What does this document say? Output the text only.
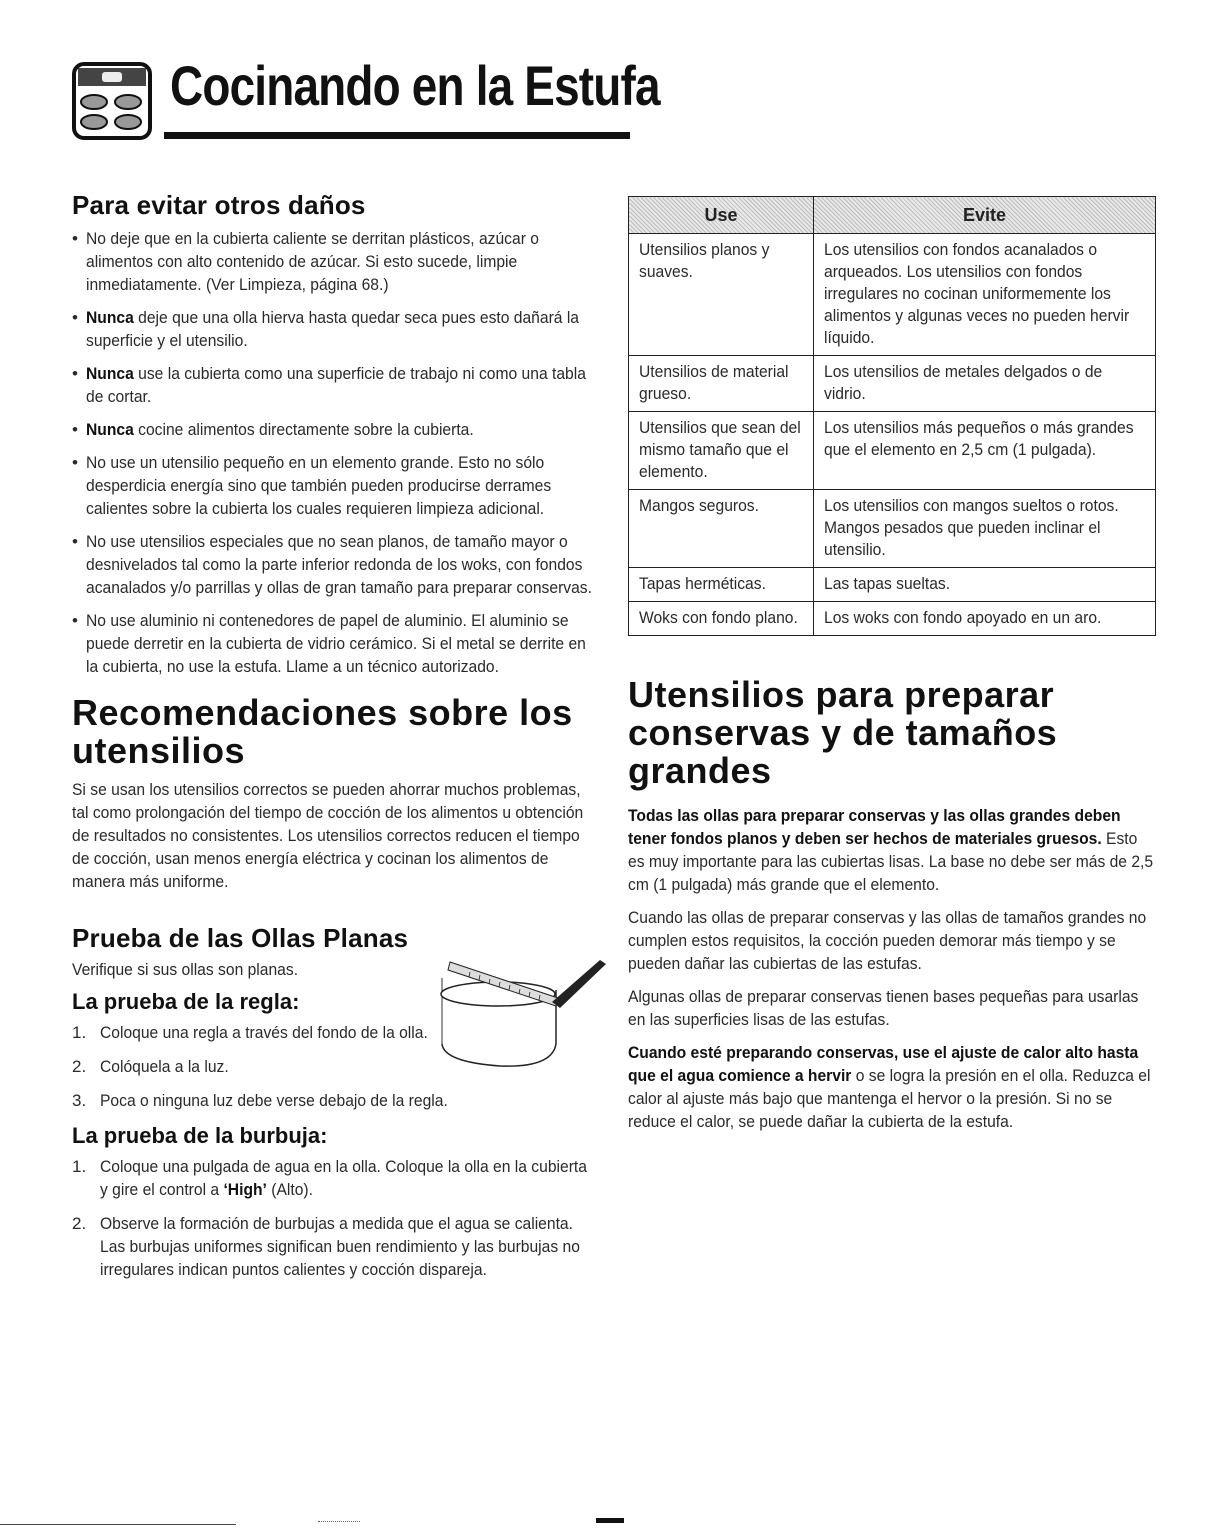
Cocinando en la Estufa
Para evitar otros daños
• No deje que en la cubierta caliente se derritan plásticos, azúcar o alimentos con alto contenido de azúcar. Si esto sucede, limpie inmediatamente. (Ver Limpieza, página 68.)
• Nunca deje que una olla hierva hasta quedar seca pues esto dañará la superficie y el utensilio.
• Nunca use la cubierta como una superficie de trabajo ni como una tabla de cortar.
• Nunca cocine alimentos directamente sobre la cubierta.
• No use un utensilio pequeño en un elemento grande. Esto no sólo desperdicia energía sino que también pueden producirse derrames calientes sobre la cubierta los cuales requieren limpieza adicional.
• No use utensilios especiales que no sean planos, de tamaño mayor o desnivelados tal como la parte inferior redonda de los woks, con fondos acanalados y/o parrillas y ollas de gran tamaño para preparar conservas.
• No use aluminio ni contenedores de papel de aluminio. El aluminio se puede derretir en la cubierta de vidrio cerámico. Si el metal se derrite en la cubierta, no use la estufa. Llame a un técnico autorizado.
Recomendaciones sobre los utensilios

Si se usan los utensilios correctos se pueden ahorrar muchos problemas, tal como prolongación del tiempo de cocción de los alimentos u obtención de resultados no consistentes. Los utensilios correctos reducen el tiempo de cocción, usan menos energía eléctrica y cocinan los alimentos de manera más uniforme.

Prueba de las Ollas Planas

Verifique si sus ollas son planas.

La prueba de la regla:
1. Coloque una regla a través del fondo de la olla.
2. Colóquela a la luz.
3. Poca o ninguna luz debe verse debajo de la regla.
La prueba de la burbuja:
1. Coloque una pulgada de agua en la olla. Coloque la olla en la cubierta y gire el control a ‘High’ (Alto).
2. Observe la formación de burbujas a medida que el agua se calienta. Las burbujas uniformes significan buen rendimiento y las burbujas no irregulares indican puntos calientes y cocción dispareja.
Use	Evite

Utensilios planos y suaves.	Los utensilios con fondos acanalados o arqueados. Los utensilios con fondos irregulares no cocinan uniformemente los alimentos y algunas veces no pueden hervir líquido.

Utensilios de material grueso.	Los utensilios de metales delgados o de vidrio.

Utensilios que sean del mismo tamaño que el elemento.	Los utensilios más pequeños o más grandes que el elemento en 2,5 cm (1 pulgada).

Mangos seguros.	Los utensilios con mangos sueltos o rotos. Mangos pesados que pueden inclinar el utensilio.

Tapas herméticas.	Las tapas sueltas.

Woks con fondo plano.	Los woks con fondo apoyado en un aro.
Utensilios para preparar conservas y de tamaños grandes

Todas las ollas para preparar conservas y las ollas grandes deben tener fondos planos y deben ser hechos de materiales gruesos. Esto es muy importante para las cubiertas lisas. La base no debe ser más de 2,5 cm (1 pulgada) más grande que el elemento.

Cuando las ollas de preparar conservas y las ollas de tamaños grandes no cumplen estos requisitos, la cocción pueden demorar más tiempo y se pueden dañar las cubiertas de las estufas.

Algunas ollas de preparar conservas tienen bases pequeñas para usarlas en las superficies lisas de las estufas.

Cuando esté preparando conservas, use el ajuste de calor alto hasta que el agua comience a hervir o se logra la presión en el olla. Reduzca el calor al ajuste más bajo que mantenga el hervor o la presión. Si no se reduce el calor, se puede dañar la cubierta de la estufa.
